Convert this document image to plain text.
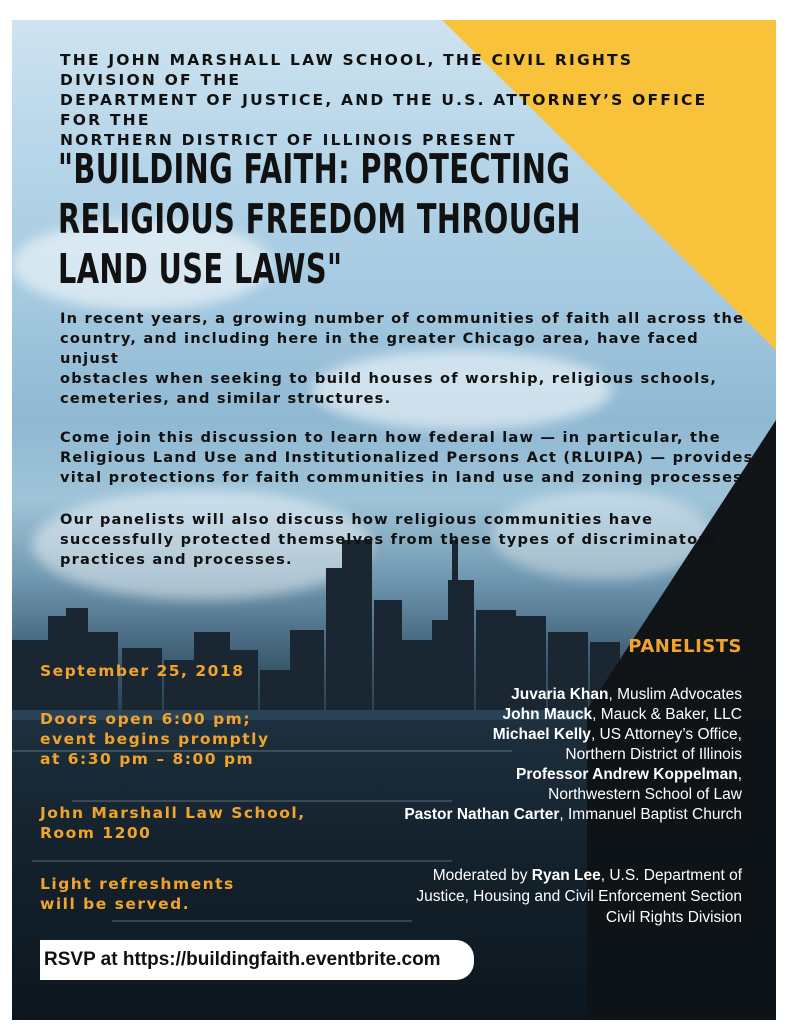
THE JOHN MARSHALL LAW SCHOOL, THE CIVIL RIGHTS DIVISION OF THE
DEPARTMENT OF JUSTICE, AND THE U.S. ATTORNEY’S OFFICE FOR THE
NORTHERN DISTRICT OF ILLINOIS PRESENT
"BUILDING FAITH: PROTECTING
RELIGIOUS FREEDOM THROUGH
LAND USE LAWS"
In recent years, a growing number of communities of faith all across the
country, and including here in the greater Chicago area, have faced unjust
obstacles when seeking to build houses of worship, religious schools,
cemeteries, and similar structures.
Come join this discussion to learn how federal law — in particular, the
Religious Land Use and Institutionalized Persons Act (RLUIPA) — provides
vital protections for faith communities in land use and zoning processes.
Our panelists will also discuss how religious communities have
successfully protected themselves from these types of discriminatory
practices and processes.
September 25, 2018
Doors open 6:00 pm;
event begins promptly
at 6:30 pm – 8:00 pm
John Marshall Law School,
Room 1200
Light refreshments
will be served.
PANELISTS
Juvaria Khan, Muslim Advocates
John Mauck, Mauck & Baker, LLC
Michael Kelly, US Attorney’s Office,
Northern District of Illinois
Professor Andrew Koppelman,
Northwestern School of Law
Pastor Nathan Carter, Immanuel Baptist Church
Moderated by Ryan Lee, U.S. Department of
Justice, Housing and Civil Enforcement Section
Civil Rights Division
RSVP at https://buildingfaith.eventbrite.com
